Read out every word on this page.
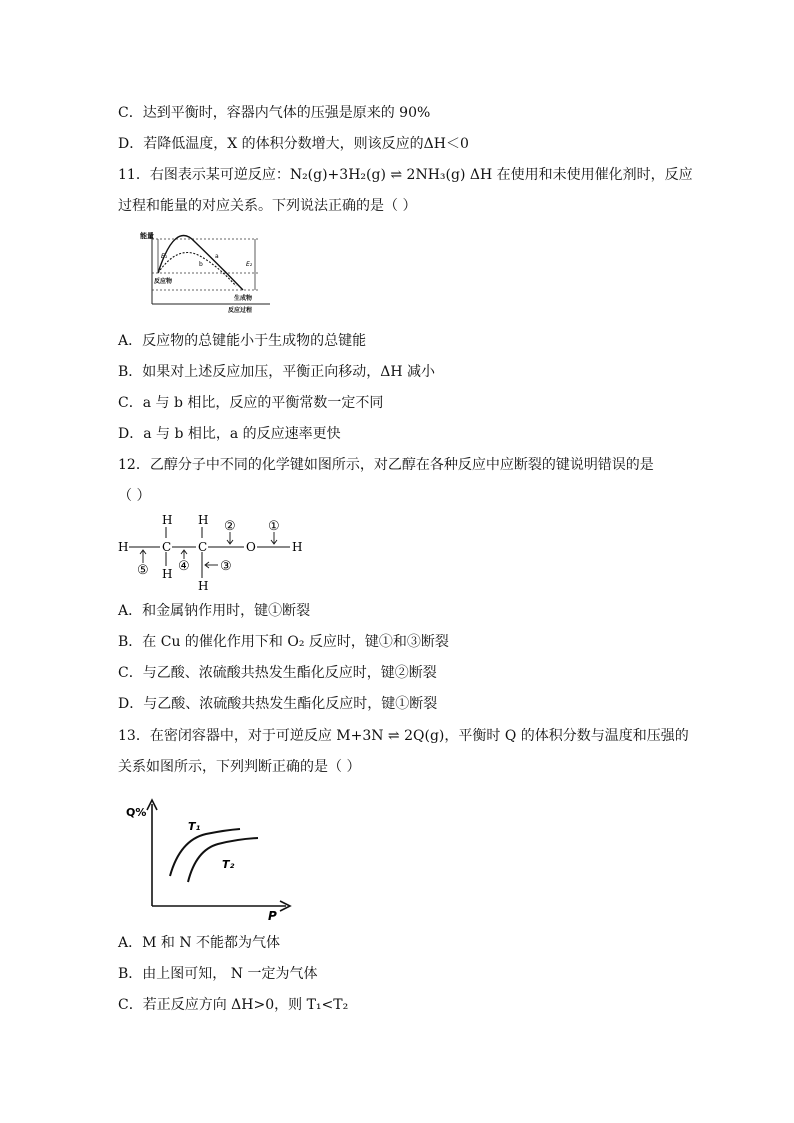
C．达到平衡时，容器内气体的压强是原来的 90%
D．若降低温度，X 的体积分数增大，则该反应的ΔH＜0
11．右图表示某可逆反应：N₂(g)+3H₂(g) ⇌ 2NH₃(g) ΔH 在使用和未使用催化剂时，反应
过程和能量的对应关系。下列说法正确的是（ ）
能量
E₁
E₂
a
b
反应物
生成物
反应过程
A．反应物的总键能小于生成物的总键能
B．如果对上述反应加压，平衡正向移动，ΔH 减小
C．a 与 b 相比，反应的平衡常数一定不同
D．a 与 b 相比，a 的反应速率更快
12．乙醇分子中不同的化学键如图所示，对乙醇在各种反应中应断裂的键说明错误的是
（ ）
H	C C	O	H
H
H
H
H
② ①
⑤ ④ ③
A．和金属钠作用时，键①断裂
B．在 Cu 的催化作用下和 O₂ 反应时，键①和③断裂
C．与乙酸、浓硫酸共热发生酯化反应时，键②断裂
D．与乙酸、浓硫酸共热发生酯化反应时，键①断裂
13．在密闭容器中，对于可逆反应 M+3N ⇌ 2Q(g)，平衡时 Q 的体积分数与温度和压强的
关系如图所示，下列判断正确的是（ ）
Q%
P
T₁
T₂
A．M 和 N 不能都为气体
B．由上图可知， N 一定为气体
C．若正反应方向 ΔH>0，则 T₁<T₂
